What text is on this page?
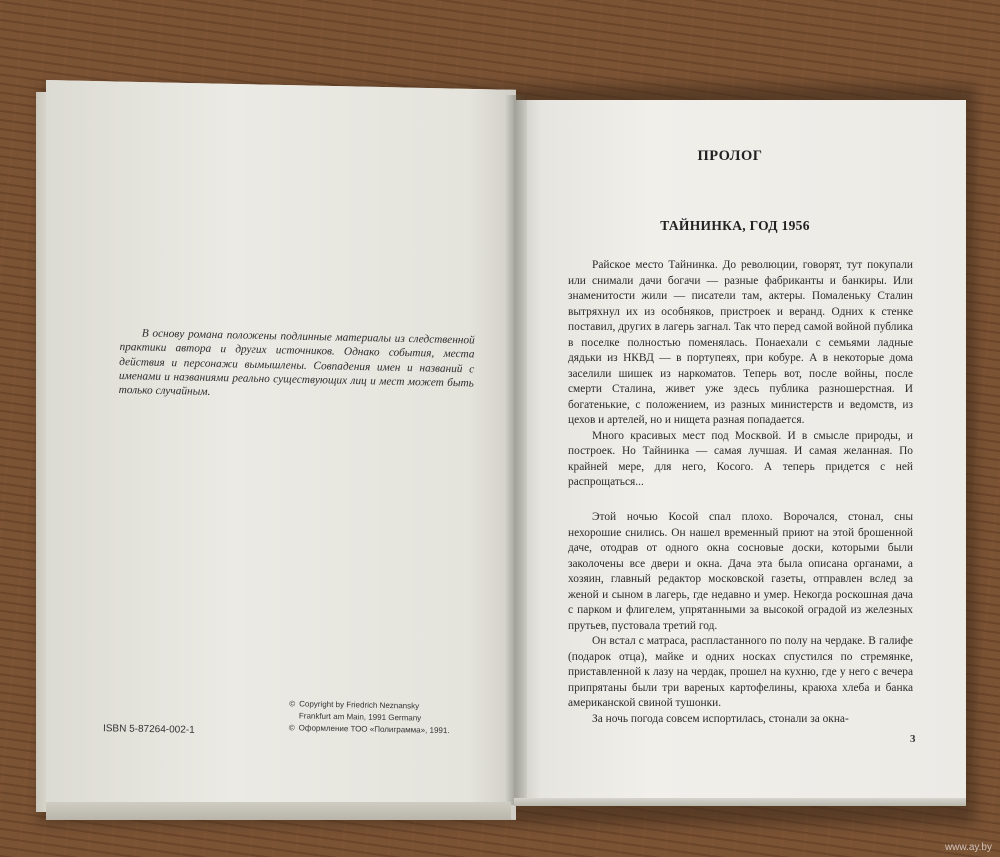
В основу романа положены подлинные материалы из следственной практики автора и других источников. Однако события, места действия и персонажи вымышлены. Совпадения имен и названий с именами и названиями реально существующих лиц и мест может быть только случайным.
ISBN 5-87264-002-1
© Copyright by Friedrich Neznansky
Frankfurt am Main, 1991 Germany
© Оформление ТОО «Полиграмма», 1991.
ПРОЛОГ
ТАЙНИНКА, ГОД 1956

Райское место Тайнинка. До революции, говорят, тут покупали или снимали дачи богачи — разные фабриканты и банкиры. Или знаменитости жили — писатели там, актеры. Помаленьку Сталин вытряхнул их из особняков, пристроек и веранд. Одних к стенке поставил, других в лагерь загнал. Так что перед самой войной публика в поселке полностью поменялась. Понаехали с семьями ладные дядьки из НКВД — в портупеях, при кобуре. А в некоторые дома заселили шишек из наркоматов. Теперь вот, после войны, после смерти Сталина, живет уже здесь публика разношерстная. И богатенькие, с положением, из разных министерств и ведомств, из цехов и артелей, но и нищета разная попадается.

Много красивых мест под Москвой. И в смысле природы, и построек. Но Тайнинка — самая лучшая. И самая желанная. По крайней мере, для него, Косого. А теперь придется с ней распрощаться...

Этой ночью Косой спал плохо. Ворочался, стонал, сны нехорошие снились. Он нашел временный приют на этой брошенной даче, отодрав от одного окна сосновые доски, которыми были заколочены все двери и окна. Дача эта была описана органами, а хозяин, главный редактор московской газеты, отправлен вслед за женой и сыном в лагерь, где недавно и умер. Некогда роскошная дача с парком и флигелем, упрятанными за высокой оградой из железных прутьев, пустовала третий год.

Он встал с матраса, распластанного по полу на чердаке. В галифе (подарок отца), майке и одних носках спустился по стремянке, приставленной к лазу на чердак, прошел на кухню, где у него с вечера припрятаны были три вареных картофелины, краюха хлеба и банка американской свиной тушонки.

За ночь погода совсем испортилась, стонали за окна-

3
www.ay.by
